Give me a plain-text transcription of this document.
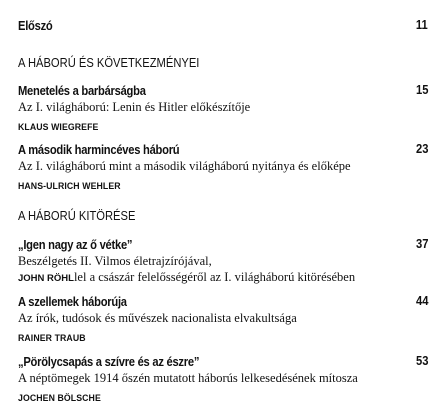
Előszó	11
A HÁBORÚ ÉS KÖVETKEZMÉNYEI
Menetelés a barbárságba	15
Az I. világháború: Lenin és Hitler előkészítője
KLAUS WIEGREFE
A második harmincéves háború	23
Az I. világháború mint a második világháború nyitánya és előképe
HANS-ULRICH WEHLER
A HÁBORÚ KITÖRÉSE
„Igen nagy az ő vétke”	37
Beszélgetés II. Vilmos életrajzírójával,
JOHN RÖHLlel a császár felelősségéről az I. világháború kitörésében
A szellemek háborúja	44
Az írók, tudósok és művészek nacionalista elvakultsága
RAINER TRAUB
„Pörölycsapás a szívre és az észre”	53
A néptömegek 1914 őszén mutatott háborús lelkesedésének mítosza
JOCHEN BÖLSCHE
